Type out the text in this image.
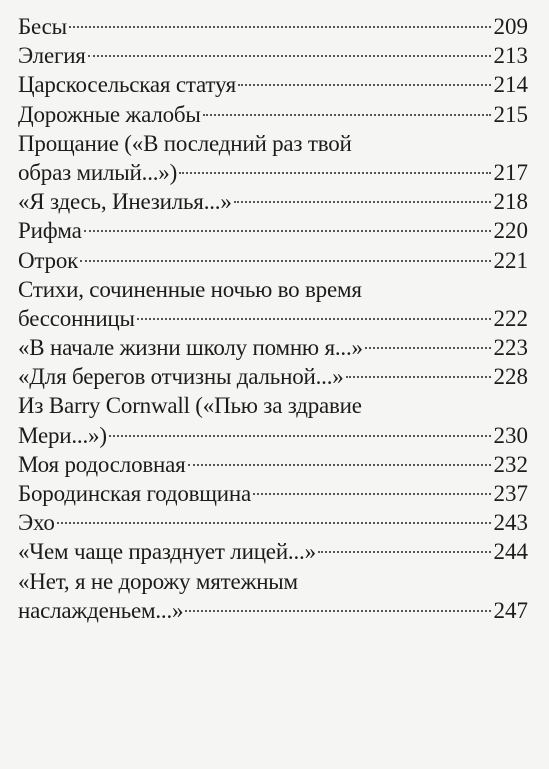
Бесы	209
Элегия	213
Царскосельская статуя	214
Дорожные жалобы	215
Прощание («В последний раз твой
образ милый...»)	217
«Я здесь, Инезилья...»	218
Рифма	220
Отрок	221
Стихи, сочиненные ночью во время
бессонницы	222
«В начале жизни школу помню я...»	223
«Для берегов отчизны дальной...»	228
Из Barry Cornwall («Пью за здравие
Мери...»)	230
Моя родословная	232
Бородинская годовщина	237
Эхо	243
«Чем чаще празднует лицей...»	244
«Нет, я не дорожу мятежным
наслажденьем...»	247
